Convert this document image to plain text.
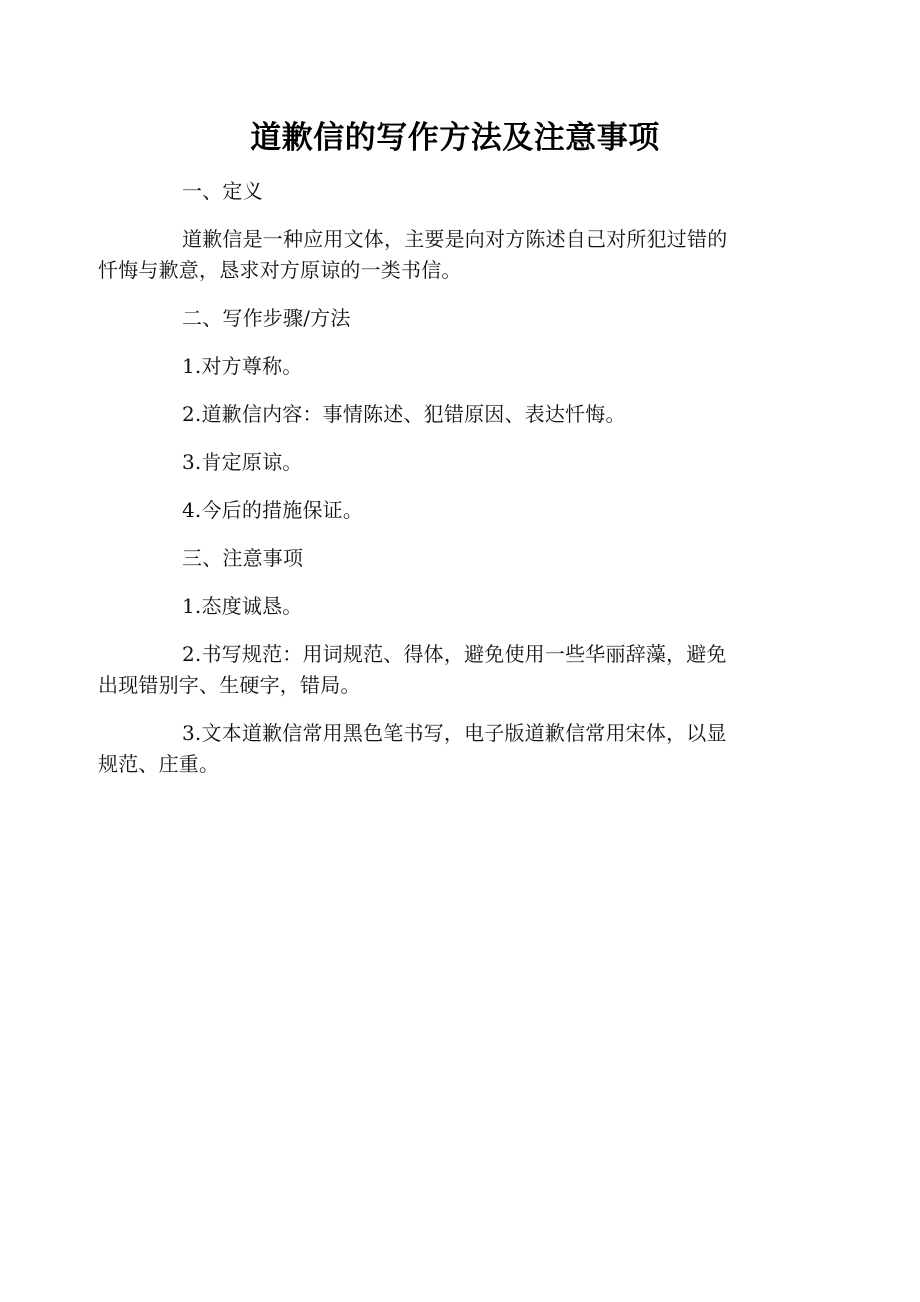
道歉信的写作方法及注意事项

一、定义

道歉信是一种应用文体，主要是向对方陈述自己对所犯过错的
忏悔与歉意，恳求对方原谅的一类书信。

二、写作步骤/方法

1.对方尊称。

2.道歉信内容：事情陈述、犯错原因、表达忏悔。

3.肯定原谅。

4.今后的措施保证。

三、注意事项

1.态度诚恳。

2.书写规范：用词规范、得体，避免使用一些华丽辞藻，避免
出现错别字、生硬字，错局。

3.文本道歉信常用黑色笔书写，电子版道歉信常用宋体，以显
规范、庄重。
